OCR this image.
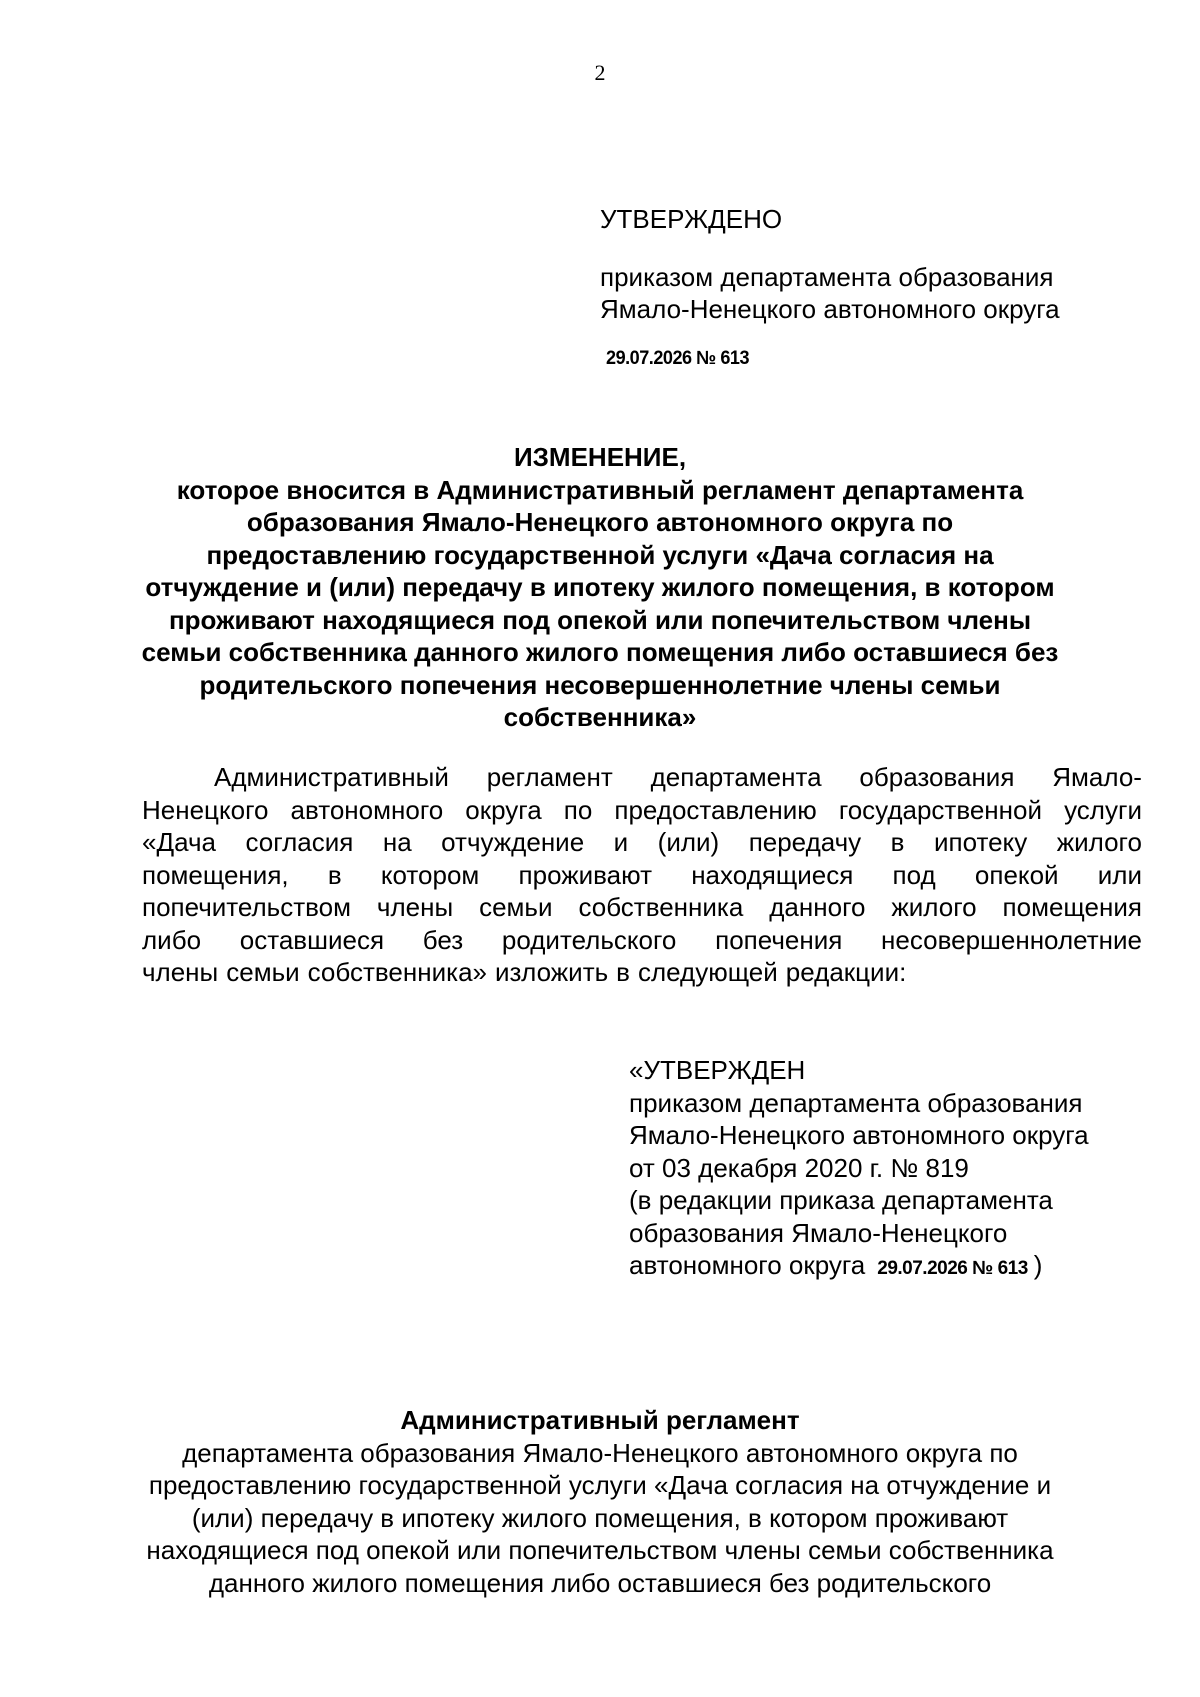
2
УТВЕРЖДЕНО
приказом департамента образования
Ямало-Ненецкого автономного округа
29.07.2026 № 613
ИЗМЕНЕНИЕ,
которое вносится в Административный регламент департамента
образования Ямало-Ненецкого автономного округа по
предоставлению государственной услуги «Дача согласия на
отчуждение и (или) передачу в ипотеку жилого помещения, в котором
проживают находящиеся под опекой или попечительством члены
семьи собственника данного жилого помещения либо оставшиеся без
родительского попечения несовершеннолетние члены семьи
собственника»
Административный регламент департамента образования Ямало-
Ненецкого автономного округа по предоставлению государственной услуги
«Дача согласия на отчуждение и (или) передачу в ипотеку жилого
помещения, в котором проживают находящиеся под опекой или
попечительством члены семьи собственника данного жилого помещения
либо оставшиеся без родительского попечения несовершеннолетние
члены семьи собственника» изложить в следующей редакции:
«УТВЕРЖДЕН
приказом департамента образования
Ямало-Ненецкого автономного округа
от 03 декабря 2020 г. № 819
(в редакции приказа департамента
образования Ямало-Ненецкого
автономного округа 29.07.2026 № 613 )
Административный регламент
департамента образования Ямало-Ненецкого автономного округа по
предоставлению государственной услуги «Дача согласия на отчуждение и
(или) передачу в ипотеку жилого помещения, в котором проживают
находящиеся под опекой или попечительством члены семьи собственника
данного жилого помещения либо оставшиеся без родительского
